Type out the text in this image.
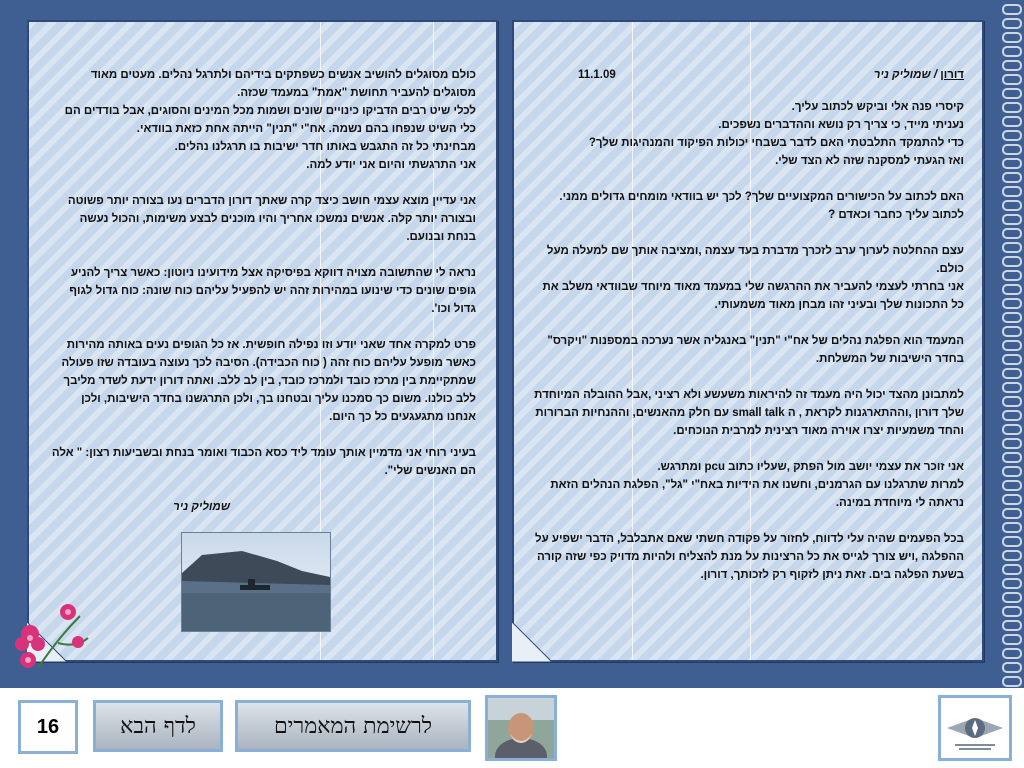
כולם מסוגלים להושיב אנשים כשפתקים בידיהם ולתרגל נהלים. מעטים מאוד מסוגלים להעביר תחושת "אמת" במעמד שכזה.
לכלי שיט רבים הדביקו כינויים שונים ושמות מכל המינים והסוגים, אבל בודדים הם כלי השיט שנפחו בהם נשמה. אח"י "תנין" הייתה אחת כזאת בוודאי.
מבחינתי כל זה התגבש באותו חדר ישיבות בו תרגלנו נהלים.
אני התרגשתי והיום אני יודע למה.

אני עדיין מוצא עצמי חושב כיצד קרה שאתך דורון הדברים נעו בצורה יותר פשוטה ובצורה יותר קלה. אנשים נמשכו אחריך והיו מוכנים לבצע משימות, והכול נעשה בנחת ובנועם.

נראה לי שהתשובה מצויה דווקא בפיסיקה אצל מידועינו ניוטון: כאשר צריך להניע גופים שונים כדי שינועו במהירות זהה יש להפעיל עליהם כוח שונה: כוח גדול לגוף גדול וכו'.

פרט למקרה אחד שאני יודע וזו נפילה חופשית. אז כל הגופים נעים באותה מהירות כאשר מופעל עליהם כוח זהה ( כוח הכבידה). הסיבה לכך נעוצה בעובדה שזו פעולה שמתקיימת בין מרכז כובד ולמרכז כובד, בין לב ללב. ואתה דורון ידעת לשדר מליבך ללב כולנו. משום כך סמכנו עליך ובטחנו בך, ולכן התרגשנו בחדר הישיבות, ולכן אנחנו מתגעגעים כל כך היום.

בעיני רוחי אני מדמיין אותך עומד ליד כסא הכבוד ואומר בנחת ובשביעות רצון: " אלה הם האנשים שלי".

שמוליק ניר

דורון / שמוליק ניר
11.1.09

קיסרי פנה אלי וביקש לכתוב עליך.
נעניתי מייד, כי צריך רק נושא וההדברים נשפכים.
כדי להתמקד התלבטתי האם לדבר בשבחי יכולות הפיקוד והמנהיגות שלך?
ואז הגעתי למסקנה שזה לא הצד שלי.

האם לכתוב על הכישורים המקצועיים שלך? לכך יש בוודאי מומחים גדולים ממני.
לכתוב עליך כחבר וכאדם ?

עצם ההחלטה לערוך ערב לזכרך מדברת בעד עצמה ,ומציבה אותך שם למעלה מעל כולם.
אני בחרתי לעצמי להעביר את ההרגשה שלי במעמד מאוד מיוחד שבוודאי משלב את כל התכונות שלך ובעיני זהו מבחן מאוד משמעותי.

המעמד הוא הפלגת נהלים של אח"י "תנין" באנגליה אשר נערכה במספנות "ויקרס" בחדר הישיבות של המשלחת.

למתבונן מהצד יכול היה מעמד זה להיראות משעשע ולא רציני ,אבל ההובלה המיוחדת שלך דורון ,וההתארגנות לקראת , ה small talk עם חלק מהאנשים, וההנחיות הברורות והחד משמעיות יצרו אוירה מאוד רצינית למרבית הנוכחים.

אני זוכר את עצמי יושב מול הפתק ,שעליו כתוב pcu ומתרגש.
למרות שתרגלנו עם הגרמנים, וחשנו את הידיות באח"י "גל", הפלגת הנהלים הזאת נראתה לי מיוחדת במינה.

בכל הפעמים שהיה עלי לדווח, לחזור על פקודה חשתי שאם אתבלבל, הדבר ישפיע על ההפלגה ,ויש צורך לגייס את כל הרצינות על מנת להצליח ולהיות מדויק כפי שזה קורה בשעת הפלגה בים. זאת ניתן לזקוף רק לזכותך, דורון.

16	לדף הבא	לרשימת המאמרים
